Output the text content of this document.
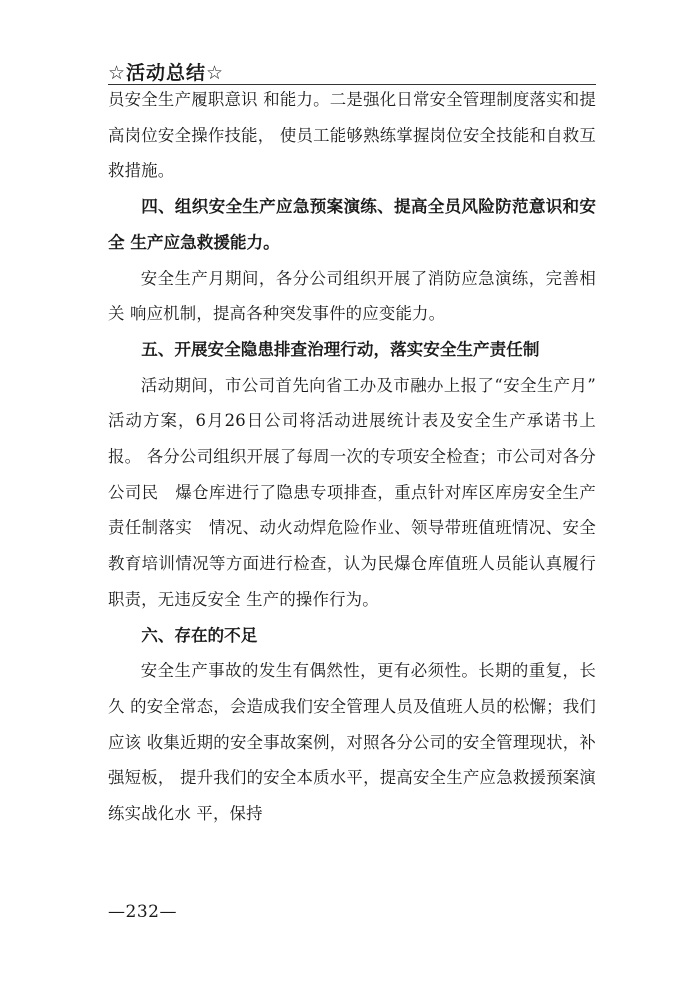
☆活动总结☆

员安全生产履职意识 和能力。二是强化日常安全管理制度落实和提高岗位安全操作技能， 使员工能够熟练掌握岗位安全技能和自救互救措施。

四、组织安全生产应急预案演练、提高全员风险防范意识和安全 生产应急救援能力。

安全生产月期间，各分公司组织开展了消防应急演练，完善相关 响应机制，提高各种突发事件的应变能力。

五、开展安全隐患排查治理行动，落实安全生产责任制

活动期间，市公司首先向省工办及市融办上报了“安全生产月” 活动方案，6月26日公司将活动进展统计表及安全生产承诺书上报。 各分公司组织开展了每周一次的专项安全检查；市公司对各分公司民　爆仓库进行了隐患专项排查，重点针对库区库房安全生产责任制落实　情况、动火动焊危险作业、领导带班值班情况、安全教育培训情况等方面进行检查，认为民爆仓库值班人员能认真履行职责，无违反安全 生产的操作行为。

六、存在的不足

安全生产事故的发生有偶然性，更有必须性。长期的重复，长久 的安全常态，会造成我们安全管理人员及值班人员的松懈；我们应该 收集近期的安全事故案例，对照各分公司的安全管理现状，补强短板， 提升我们的安全本质水平，提高安全生产应急救援预案演练实战化水 平，保持

—232—
